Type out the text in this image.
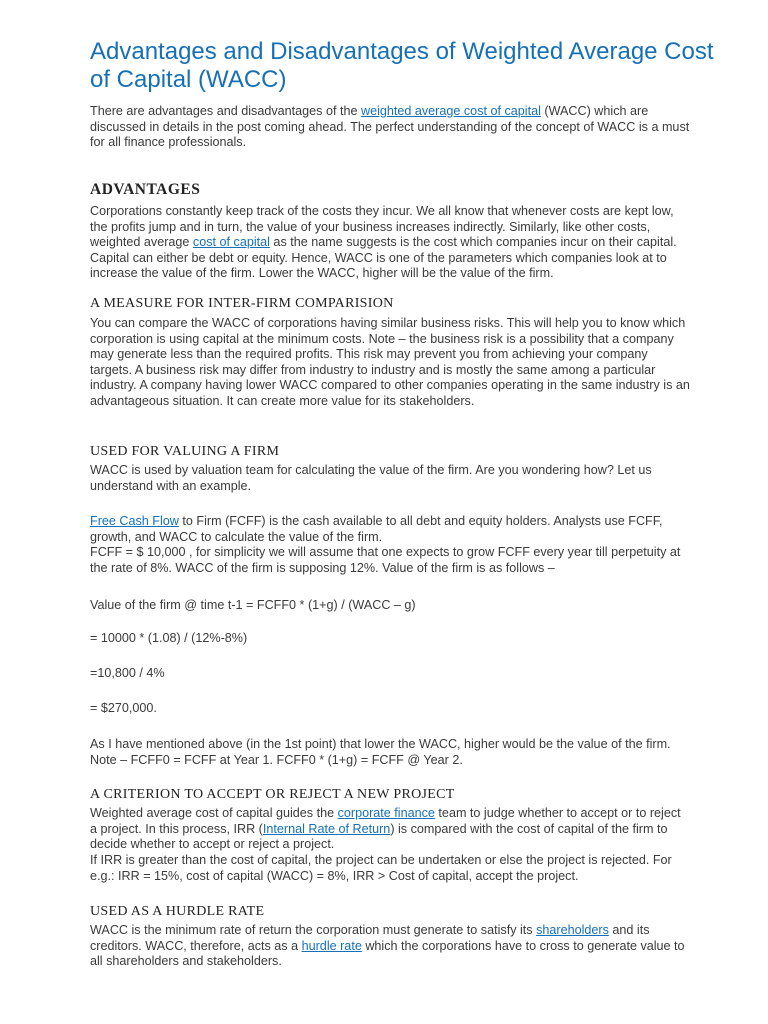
Advantages and Disadvantages of Weighted Average Cost of Capital (WACC)

There are advantages and disadvantages of the weighted average cost of capital (WACC) which are discussed in details in the post coming ahead. The perfect understanding of the concept of WACC is a must for all finance professionals.

ADVANTAGES

Corporations constantly keep track of the costs they incur. We all know that whenever costs are kept low, the profits jump and in turn, the value of your business increases indirectly. Similarly, like other costs, weighted average cost of capital as the name suggests is the cost which companies incur on their capital. Capital can either be debt or equity. Hence, WACC is one of the parameters which companies look at to increase the value of the firm. Lower the WACC, higher will be the value of the firm.

A MEASURE FOR INTER-FIRM COMPARISION

You can compare the WACC of corporations having similar business risks. This will help you to know which corporation is using capital at the minimum costs. Note – the business risk is a possibility that a company may generate less than the required profits. This risk may prevent you from achieving your company targets. A business risk may differ from industry to industry and is mostly the same among a particular industry. A company having lower WACC compared to other companies operating in the same industry is an advantageous situation. It can create more value for its stakeholders.

USED FOR VALUING A FIRM

WACC is used by valuation team for calculating the value of the firm. Are you wondering how? Let us understand with an example.

Free Cash Flow to Firm (FCFF) is the cash available to all debt and equity holders. Analysts use FCFF, growth, and WACC to calculate the value of the firm.

FCFF = $ 10,000 , for simplicity we will assume that one expects to grow FCFF every year till perpetuity at the rate of 8%. WACC of the firm is supposing 12%. Value of the firm is as follows –

Value of the firm @ time t-1 = FCFF0 * (1+g) / (WACC – g)

= 10000 * (1.08) / (12%-8%)

=10,800 / 4%

= $270,000.

As I have mentioned above (in the 1st point) that lower the WACC, higher would be the value of the firm. Note – FCFF0 = FCFF at Year 1. FCFF0 * (1+g) = FCFF @ Year 2.

A CRITERION TO ACCEPT OR REJECT A NEW PROJECT

Weighted average cost of capital guides the corporate finance team to judge whether to accept or to reject a project. In this process, IRR (Internal Rate of Return) is compared with the cost of capital of the firm to decide whether to accept or reject a project.

If IRR is greater than the cost of capital, the project can be undertaken or else the project is rejected. For e.g.: IRR = 15%, cost of capital (WACC) = 8%, IRR > Cost of capital, accept the project.

USED AS A HURDLE RATE

WACC is the minimum rate of return the corporation must generate to satisfy its shareholders and its creditors. WACC, therefore, acts as a hurdle rate which the corporations have to cross to generate value to all shareholders and stakeholders.
